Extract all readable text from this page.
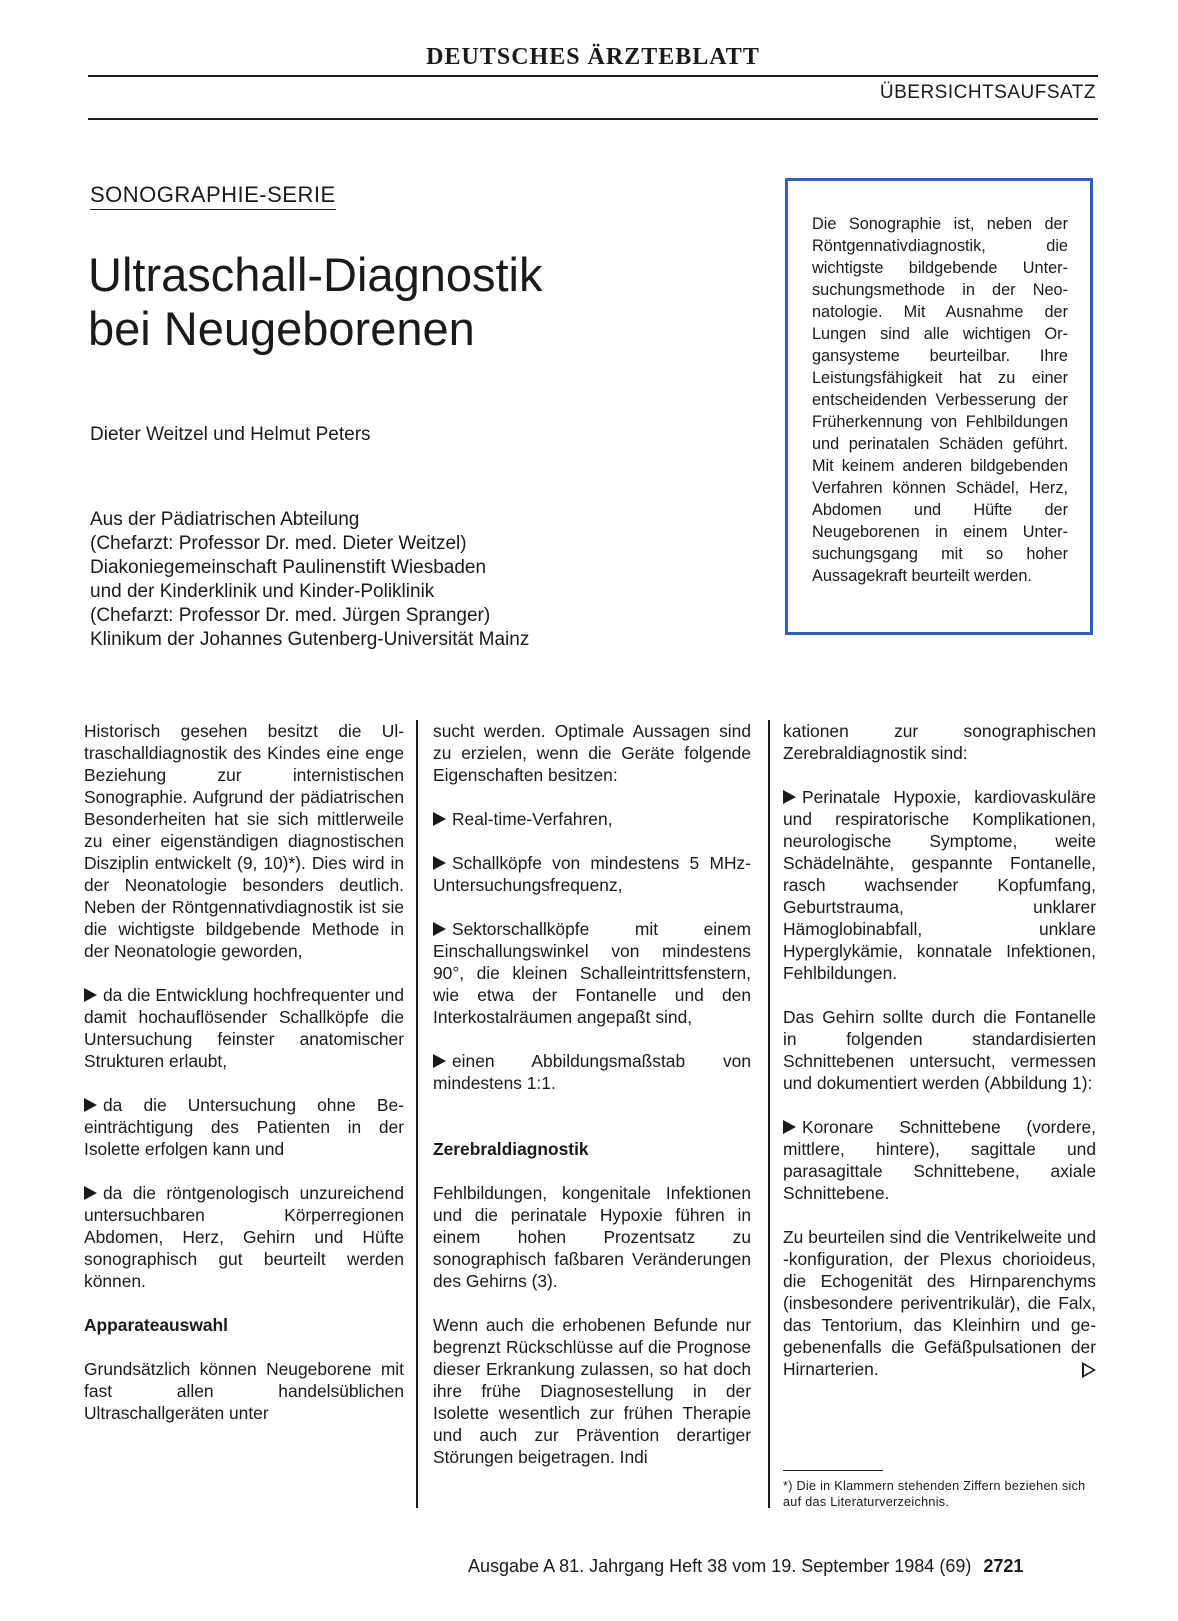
DEUTSCHES ÄRZTEBLATT
ÜBERSICHTSAUFSATZ
SONOGRAPHIE-SERIE
Ultraschall-Diagnostik
bei Neugeborenen
Dieter Weitzel und Helmut Peters
Aus der Pädiatrischen Abteilung
(Chefarzt: Professor Dr. med. Dieter Weitzel)
Diakoniegemeinschaft Paulinenstift Wiesbaden
und der Kinderklinik und Kinder-Poliklinik
(Chefarzt: Professor Dr. med. Jürgen Spranger)
Klinikum der Johannes Gutenberg-Universität Mainz
Die Sonographie ist, neben der Röntgennativdiagnostik, die wichtigste bildgebende Untersuchungsmethode in der Neonatologie. Mit Ausnahme der Lungen sind alle wichtigen Organsysteme beurteilbar. Ihre Leistungsfähigkeit hat zu einer entscheidenden Verbesserung der Früherkennung von Fehlbildungen und perinatalen Schäden geführt. Mit keinem anderen bildgebenden Verfahren können Schädel, Herz, Abdomen und Hüfte der Neugeborenen in einem Untersuchungsgang mit so hoher Aussagekraft beurteilt werden.

Historisch gesehen besitzt die Ultraschalldiagnostik des Kindes eine enge Beziehung zur internistischen Sonographie. Aufgrund der pädiatrischen Besonderheiten hat sie sich mittlerweile zu einer eigenständigen diagnostischen Disziplin entwickelt (9, 10)*). Dies wird in der Neonatologie besonders deutlich. Neben der Röntgennativdiagnostik ist sie die wichtigste bildgebende Methode in der Neonatologie geworden,

da die Entwicklung hochfrequenter und damit hochauflösender Schallköpfe die Untersuchung feinster anatomischer Strukturen erlaubt,

da die Untersuchung ohne Beeinträchtigung des Patienten in der Isolette erfolgen kann und

da die röntgenologisch unzureichend untersuchbaren Körperregionen Abdomen, Herz, Gehirn und Hüfte sonographisch gut beurteilt werden können.

Apparateauswahl

Grundsätzlich können Neugeborene mit fast allen handelsüblichen Ultraschallgeräten unter

sucht werden. Optimale Aussagen sind zu erzielen, wenn die Geräte folgende Eigenschaften besitzen:

Real-time-Verfahren,

Schallköpfe von mindestens 5 MHz-Untersuchungsfrequenz,

Sektorschallköpfe mit einem Einschallungswinkel von mindestens 90°, die kleinen Schalleintrittsfenstern, wie etwa der Fontanelle und den Interkostalräumen angepaßt sind,

einen Abbildungsmaßstab von mindestens 1:1.

Zerebraldiagnostik

Fehlbildungen, kongenitale Infektionen und die perinatale Hypoxie führen in einem hohen Prozentsatz zu sonographisch faßbaren Veränderungen des Gehirns (3).

Wenn auch die erhobenen Befunde nur begrenzt Rückschlüsse auf die Prognose dieser Erkrankung zulassen, so hat doch ihre frühe Diagnosestellung in der Isolette wesentlich zur frühen Therapie und auch zur Prävention derartiger Störungen beigetragen. Indi

kationen zur sonographischen Zerebraldiagnostik sind:

Perinatale Hypoxie, kardiovaskuläre und respiratorische Komplikationen, neurologische Symptome, weite Schädelnähte, gespannte Fontanelle, rasch wachsender Kopfumfang, Geburtstrauma, unklarer Hämoglobinabfall, unklare Hyperglykämie, konnatale Infektionen, Fehlbildungen.

Das Gehirn sollte durch die Fontanelle in folgenden standardisierten Schnittebenen untersucht, vermessen und dokumentiert werden (Abbildung 1):

Koronare Schnittebene (vordere, mittlere, hintere), sagittale und parasagittale Schnittebene, axiale Schnittebene.

Zu beurteilen sind die Ventrikelweite und -konfiguration, der Plexus chorioideus, die Echogenität des Hirnparenchyms (insbesondere periventrikulär), die Falx, das Tentorium, das Kleinhirn und gegebenenfalls die Gefäßpulsationen der Hirnarterien.

*) Die in Klammern stehenden Ziffern beziehen sich auf das Literaturverzeichnis.
Ausgabe A 81. Jahrgang Heft 38 vom 19. September 1984 (69) 2721
